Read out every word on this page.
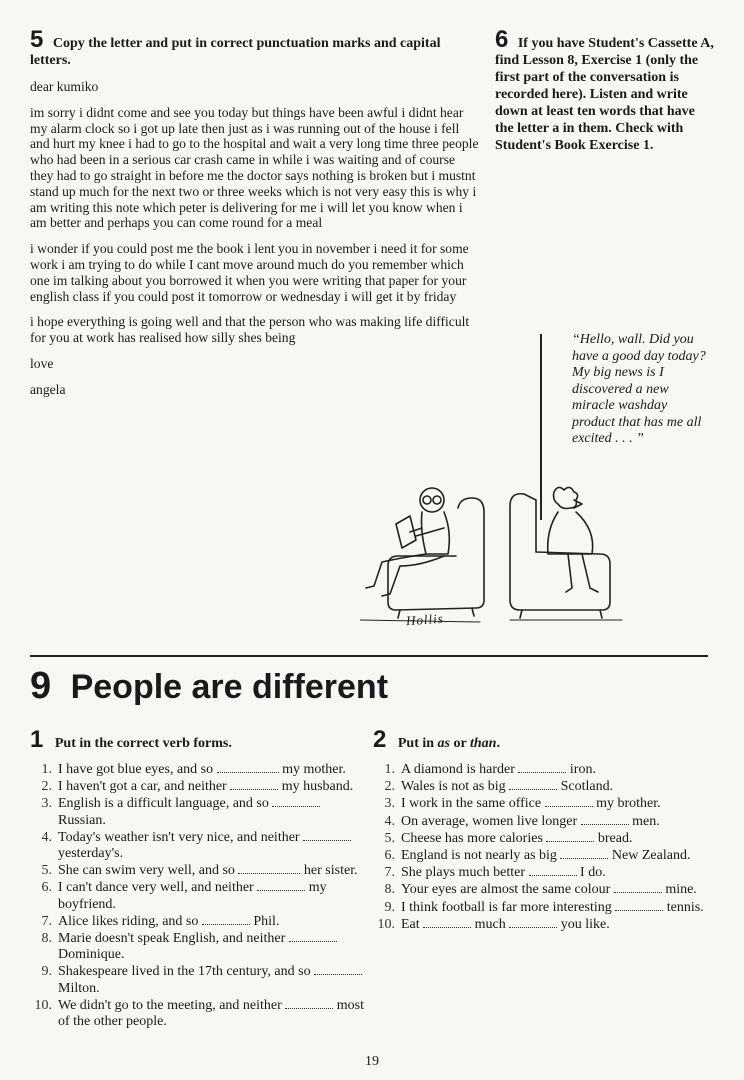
5 Copy the letter and put in correct punctuation marks and capital letters.

dear kumiko

im sorry i didnt come and see you today but things have been awful i didnt hear my alarm clock so i got up late then just as i was running out of the house i fell and hurt my knee i had to go to the hospital and wait a very long time three people who had been in a serious car crash came in while i was waiting and of course they had to go straight in before me the doctor says nothing is broken but i mustnt stand up much for the next two or three weeks which is not very easy this is why i am writing this note which peter is delivering for me i will let you know when i am better and perhaps you can come round for a meal

i wonder if you could post me the book i lent you in november i need it for some work i am trying to do while I cant move around much do you remember which one im talking about you borrowed it when you were writing that paper for your english class if you could post it tomorrow or wednesday i will get it by friday

i hope everything is going well and that the person who was making life difficult for you at work has realised how silly shes being

love

angela

6 If you have Student's Cassette A, find Lesson 8, Exercise 1 (only the first part of the conversation is recorded here). Listen and write down at least ten words that have the letter a in them. Check with Student's Book Exercise 1.
“Hello, wall. Did you have a good day today? My big news is I discovered a new miracle washday product that has me all excited . . . ”
Hollis
9 People are different
1 Put in the correct verb forms.
1. I have got blue eyes, and so	my mother.
2. I haven't got a car, and neither	my husband.
3. English is a difficult language, and so  Russian.
4. Today's weather isn't very nice, and neither  yesterday's.
5. She can swim very well, and so	her sister.
6. I can't dance very well, and neither	my boyfriend.
7. Alice likes riding, and so	Phil.
8. Marie doesn't speak English, and neither  Dominique.
9. Shakespeare lived in the 17th century, and so  Milton.
10. We didn't go to the meeting, and neither	most of the other people.
2 Put in as or than.
1. A diamond is harder	iron.
2. Wales is not as big	Scotland.
3. I work in the same office	my brother.
4. On average, women live longer	men.
5. Cheese has more calories	bread.
6. England is not nearly as big	New Zealand.
7. She plays much better	I do.
8. Your eyes are almost the same colour	mine.
9. I think football is far more interesting	tennis.
10. Eat	much	you like.
19
